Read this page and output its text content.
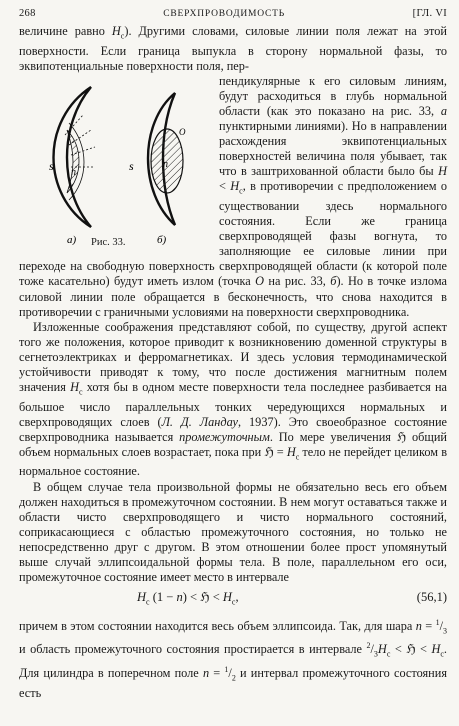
268	СВЕРХПРОВОДИМОСТЬ	[ГЛ. VI

величине равно $H_c$). Другими словами, силовые линии поля лежат на этой поверхности. Если граница выпукла в сторону нормальной фазы, то эквипотенциальные поверхности поля, пер-

s n
а)
n
s
O
б)
Рис. 33.

пендикулярные к его силовым линиям, будут расходиться в глубь нормальной области (как это показано на рис. 33, а пунктирными линиями). Но в направлении расхождения эквипотенциальных поверхностей величина поля убывает, так что в заштрихованной области было бы $H < H_c$, в противоречии с предположением о существовании здесь нормального состояния. Если же граница сверхпроводящей фазы вогнута, то заполняющие ее силовые линии при переходе на свободную поверхность сверхпроводящей области (к которой поле тоже касательно) будут иметь излом (точка O на рис. 33, б). Но в точке излома силовой линии поле обращается в бесконечность, что снова находится в противоречии с граничными условиями на поверхности сверхпроводника.

Изложенные соображения представляют собой, по существу, другой аспект того же положения, которое приводит к возникновению доменной структуры в сегнетоэлектриках и ферромагнетиках. И здесь условия термодинамической устойчивости приводят к тому, что после достижения магнитным полем значения $H_c$ хотя бы в одном месте поверхности тела последнее разбивается на большое число параллельных тонких чередующихся нормальных и сверхпроводящих слоев (Л. Д. Ландау, 1937). Это своеобразное состояние сверхпроводника называется промежуточным. По мере увеличения ℌ общий объем нормальных слоев возрастает, пока при ℌ = $H_c$ тело не перейдет целиком в нормальное состояние.

В общем случае тела произвольной формы не обязательно весь его объем должен находиться в промежуточном состоянии. В нем могут оставаться также и области чисто сверхпроводящего и чисто нормального состояний, соприкасающиеся с областью промежуточного состояния, но только не непосредственно друг с другом. В этом отношении более прост упомянутый выше случай эллипсоидальной формы тела. В поле, параллельном его оси, промежуточное состояние имеет место в интервале

$H_c$ (1 − n) < ℌ < $H_c$,	(56,1)

причем в этом состоянии находится весь объем эллипсоида. Так, для шара $n = ^1/_3$ и область промежуточного состояния простирается в интервале $^2/_3H_c$ < ℌ < $H_c$. Для цилиндра в поперечном поле $n = ^1/_2$ и интервал промежуточного состояния есть
